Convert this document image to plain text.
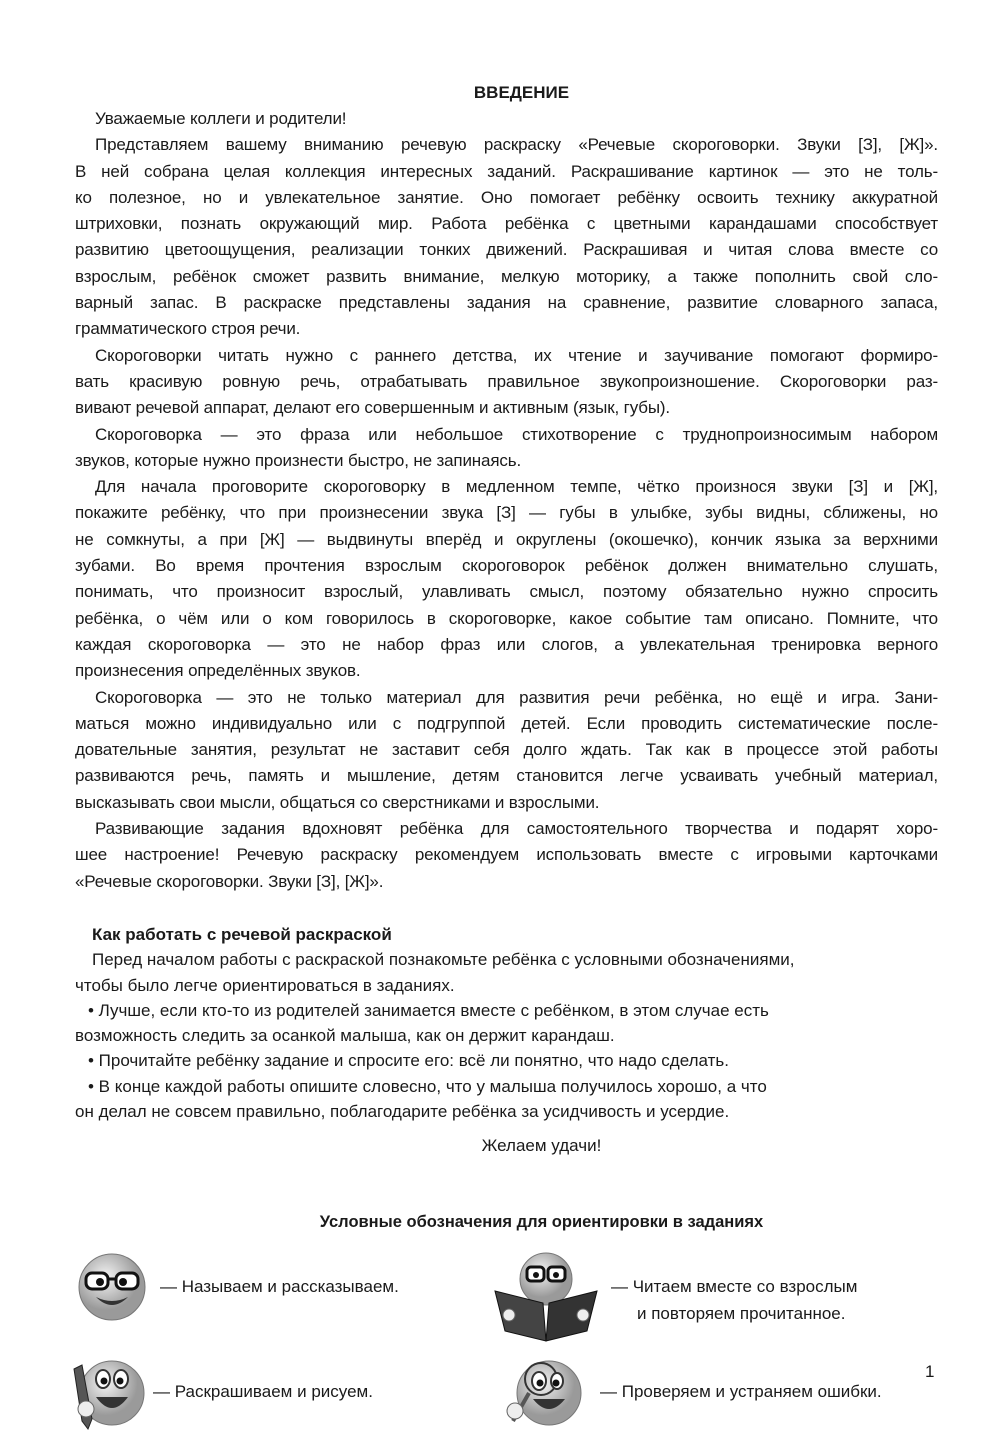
ВВЕДЕНИЕ
Уважаемые коллеги и родители!
Представляем вашему вниманию речевую раскраску «Речевые скороговорки. Звуки [З], [Ж]».
В ней собрана целая коллекция интересных заданий. Раскрашивание картинок — это не толь-
ко полезное, но и увлекательное занятие. Оно помогает ребёнку освоить технику аккуратной
штриховки, познать окружающий мир. Работа ребёнка с цветными карандашами способствует
развитию цветоощущения, реализации тонких движений. Раскрашивая и читая слова вместе со
взрослым, ребёнок сможет развить внимание, мелкую моторику, а также пополнить свой сло-
варный запас. В раскраске представлены задания на сравнение, развитие словарного запаса,
грамматического строя речи.
Скороговорки читать нужно с раннего детства, их чтение и заучивание помогают формиро-
вать красивую ровную речь, отрабатывать правильное звукопроизношение. Скороговорки раз-
вивают речевой аппарат, делают его совершенным и активным (язык, губы).
Скороговорка — это фраза или небольшое стихотворение с труднопроизносимым набором
звуков, которые нужно произнести быстро, не запинаясь.
Для начала проговорите скороговорку в медленном темпе, чётко произнося звуки [З] и [Ж],
покажите ребёнку, что при произнесении звука [З] — губы в улыбке, зубы видны, сближены, но
не сомкнуты, а при [Ж] — выдвинуты вперёд и округлены (окошечко), кончик языка за верхними
зубами. Во время прочтения взрослым скороговорок ребёнок должен внимательно слушать,
понимать, что произносит взрослый, улавливать смысл, поэтому обязательно нужно спросить
ребёнка, о чём или о ком говорилось в скороговорке, какое событие там описано. Помните, что
каждая скороговорка — это не набор фраз или слогов, а увлекательная тренировка верного
произнесения определённых звуков.
Скороговорка — это не только материал для развития речи ребёнка, но ещё и игра. Зани-
маться можно индивидуально или с подгруппой детей. Если проводить систематические после-
довательные занятия, результат не заставит себя долго ждать. Так как в процессе этой работы
развиваются речь, память и мышление, детям становится легче усваивать учебный материал,
высказывать свои мысли, общаться со сверстниками и взрослыми.
Развивающие задания вдохновят ребёнка для самостоятельного творчества и подарят хоро-
шее настроение! Речевую раскраску рекомендуем использовать вместе с игровыми карточками
«Речевые скороговорки. Звуки [З], [Ж]».
Как работать с речевой раскраской
Перед началом работы с раскраской познакомьте ребёнка с условными обозначениями,
чтобы было легче ориентироваться в заданиях.
• Лучше, если кто-то из родителей занимается вместе с ребёнком, в этом случае есть
возможность следить за осанкой малыша, как он держит карандаш.
• Прочитайте ребёнку задание и спросите его: всё ли понятно, что надо сделать.
• В конце каждой работы опишите словесно, что у малыша получилось хорошо, а что
он делал не совсем правильно, поблагодарите ребёнка за усидчивость и усердие.
Желаем удачи!
Условные обозначения для ориентировки в заданиях
— Называем и рассказываем.	— Читаем вместе со взрослым
и повторяем прочитанное.
— Раскрашиваем и рисуем.	— Проверяем и устраняем ошибки.
1
